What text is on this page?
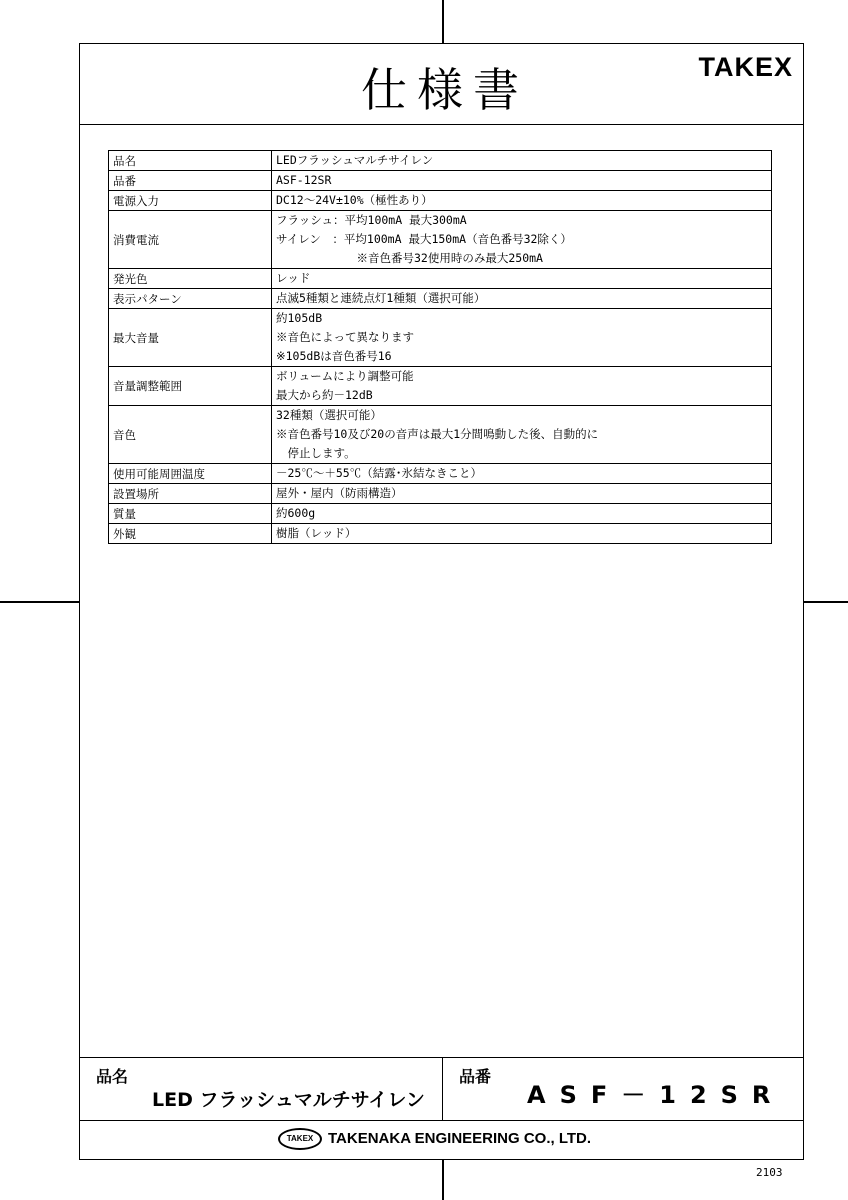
仕様書	TAKEX
品名	LEDフラッシュマルチサイレン

品番	ASF-12SR

電源入力	DC12～24V±10%（極性あり）

消費電流	フラッシュ：平均100mA 最大300mA
サイレン　：平均100mA 最大150mA（音色番号32除く）
　　　　　　　※音色番号32使用時のみ最大250mA

発光色	レッド

表示パターン	点滅5種類と連続点灯1種類（選択可能）

最大音量	約105dB
※音色によって異なります
※105dBは音色番号16

音量調整範囲	ボリュームにより調整可能
最大から約－12dB

音色	32種類（選択可能）
※音色番号10及び20の音声は最大1分間鳴動した後、自動的に
　停止します。

使用可能周囲温度	－25℃～＋55℃（結露･氷結なきこと）

設置場所	屋外・屋内（防雨構造）

質量	約600g

外観	樹脂（レッド）
品名
LED フラッシュマルチサイレン
品番
ASF－12SR
TAKEX TAKENAKA ENGINEERING CO., LTD.
2103
